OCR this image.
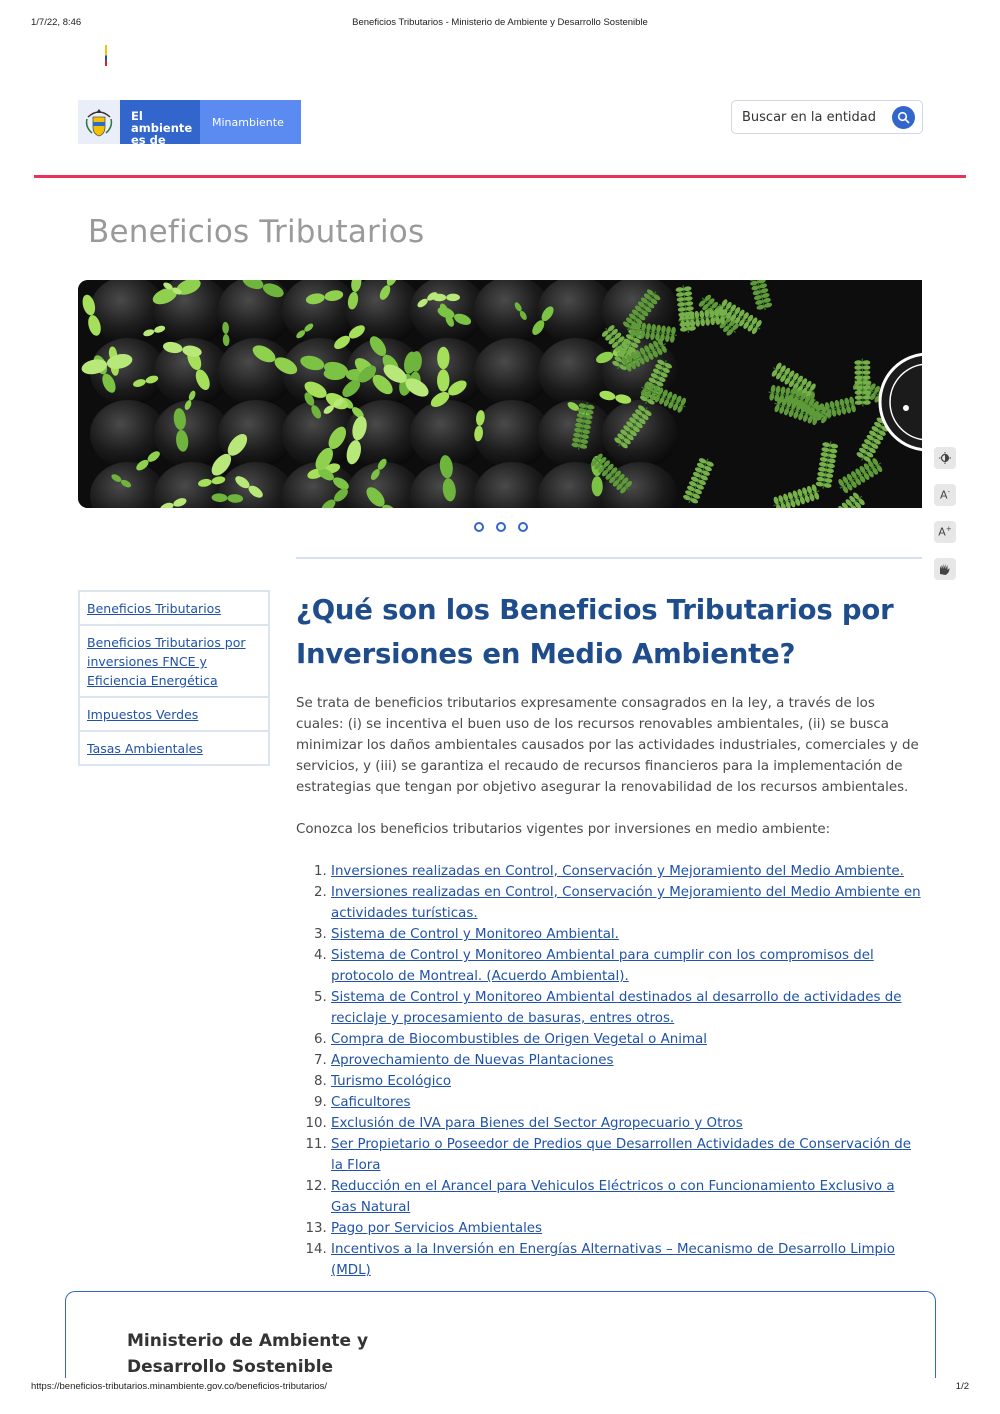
1/7/22, 8:46	Beneficios Tributarios - Ministerio de Ambiente y Desarrollo Sostenible
El ambiente
es de todos
Minambiente	Buscar en la entidad
Beneficios Tributarios
A-
A+
Beneficios Tributarios
Beneficios Tributarios por inversiones FNCE y Eficiencia Energética
Impuestos Verdes
Tasas Ambientales
¿Qué son los Beneficios Tributarios por Inversiones en Medio Ambiente?

Se trata de beneficios tributarios expresamente consagrados en la ley, a través de los cuales: (i) se incentiva el buen uso de los recursos renovables ambientales, (ii) se busca minimizar los daños ambientales causados por las actividades industriales, comerciales y de servicios, y (iii) se garantiza el recaudo de recursos financieros para la implementación de estrategias que tengan por objetivo asegurar la renovabilidad de los recursos ambientales.

Conozca los beneficios tributarios vigentes por inversiones en medio ambiente:

1. Inversiones realizadas en Control, Conservación y Mejoramiento del Medio Ambiente.
2. Inversiones realizadas en Control, Conservación y Mejoramiento del Medio Ambiente en actividades turísticas.
3. Sistema de Control y Monitoreo Ambiental.
4. Sistema de Control y Monitoreo Ambiental para cumplir con los compromisos del protocolo de Montreal. (Acuerdo Ambiental).
5. Sistema de Control y Monitoreo Ambiental destinados al desarrollo de actividades de reciclaje y procesamiento de basuras, entres otros.
6. Compra de Biocombustibles de Origen Vegetal o Animal
7. Aprovechamiento de Nuevas Plantaciones
8. Turismo Ecológico
9. Caficultores
10. Exclusión de IVA para Bienes del Sector Agropecuario y Otros
11. Ser Propietario o Poseedor de Predios que Desarrollen Actividades de Conservación de la Flora
12. Reducción en el Arancel para Vehiculos Eléctricos o con Funcionamiento Exclusivo a Gas Natural
13. Pago por Servicios Ambientales
14. Incentivos a la Inversión en Energías Alternativas – Mecanismo de Desarrollo Limpio (MDL)
Ministerio de Ambiente y Desarrollo Sostenible
https://beneficios-tributarios.minambiente.gov.co/beneficios-tributarios/	1/2
